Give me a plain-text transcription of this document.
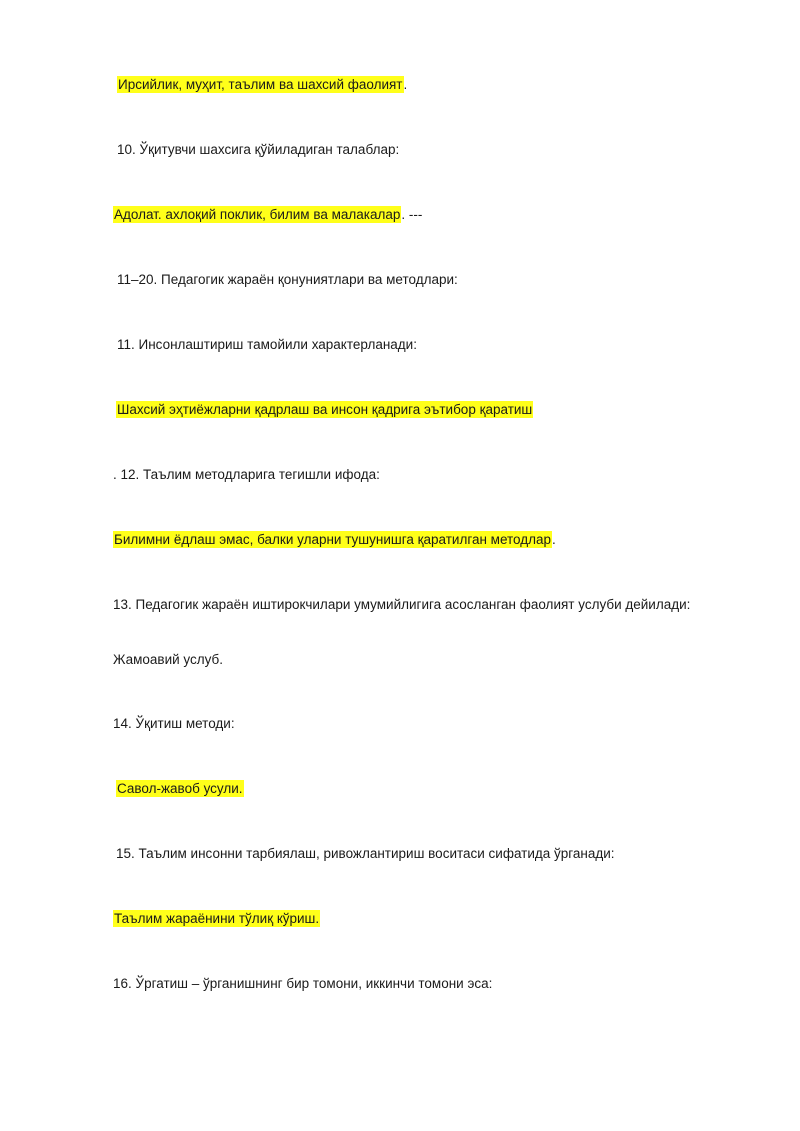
Ирсийлик, муҳит, таълим ва шахсий фаолият.
10. Ўқитувчи шахсига қўйиладиган талаблар:
Адолат. ахлоқий поклик, билим ва малакалар. ---
11–20. Педагогик жараён қонуниятлари ва методлари:
11. Инсонлаштириш тамойили характерланади:
Шахсий эҳтиёжларни қадрлаш ва инсон қадрига эътибор қаратиш
. 12. Таълим методларига тегишли ифода:
Билимни ёдлаш эмас, балки уларни тушунишга қаратилган методлар.
13. Педагогик жараён иштирокчилари умумийлигига асосланган фаолият услуби дейилади:
Жамоавий услуб.
14. Ўқитиш методи:
Савол-жавоб усули.
15. Таълим инсонни тарбиялаш, ривожлантириш воситаси сифатида ўрганади:
Таълим жараёнини тўлиқ кўриш.
16. Ўргатиш – ўрганишнинг бир томони, иккинчи томони эса:
